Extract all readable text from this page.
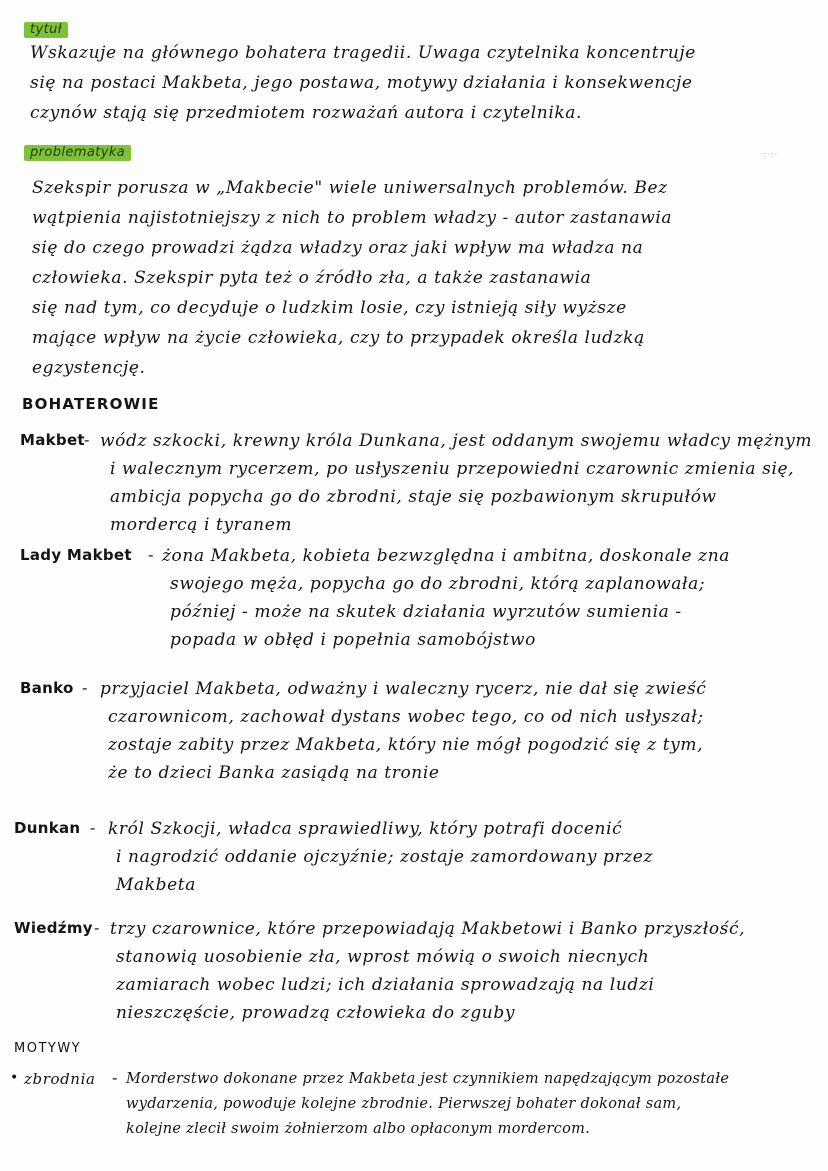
tytuł
Wskazuje na głównego bohatera tragedii. Uwaga czytelnika koncentruje
się na postaci Makbeta, jego postawa, motywy działania i konsekwencje
czynów stają się przedmiotem rozważań autora i czytelnika.
problematyka	·:·:·
Szekspir porusza w „Makbecie" wiele uniwersalnych problemów. Bez
wątpienia najistotniejszy z nich to problem władzy - autor zastanawia
się do czego prowadzi żądza władzy oraz jaki wpływ ma władza na
człowieka. Szekspir pyta też o źródło zła, a także zastanawia
się nad tym, co decyduje o ludzkim losie, czy istnieją siły wyższe
mające wpływ na życie człowieka, czy to przypadek określa ludzką
egzystencję.
BOHATEROWIE
Makbet - wódz szkocki, krewny króla Dunkana, jest oddanym swojemu władcy mężnym
i walecznym rycerzem, po usłyszeniu przepowiedni czarownic zmienia się,
ambicja popycha go do zbrodni, staje się pozbawionym skrupułów
mordercą i tyranem
Lady Makbet - żona Makbeta, kobieta bezwzględna i ambitna, doskonale zna
swojego męża, popycha go do zbrodni, którą zaplanowała;
później - może na skutek działania wyrzutów sumienia -
popada w obłęd i popełnia samobójstwo
Banko - przyjaciel Makbeta, odważny i waleczny rycerz, nie dał się zwieść
czarownicom, zachował dystans wobec tego, co od nich usłyszał;
zostaje zabity przez Makbeta, który nie mógł pogodzić się z tym,
że to dzieci Banka zasiądą na tronie
Dunkan - król Szkocji, władca sprawiedliwy, który potrafi docenić
i nagrodzić oddanie ojczyźnie; zostaje zamordowany przez
Makbeta
Wiedźmy - trzy czarownice, które przepowiadają Makbetowi i Banko przyszłość,
stanowią uosobienie zła, wprost mówią o swoich niecnych
zamiarach wobec ludzi; ich działania sprowadzają na ludzi
nieszczęście, prowadzą człowieka do zguby
MOTYWY
• zbrodnia - Morderstwo dokonane przez Makbeta jest czynnikiem napędzającym pozostałe
wydarzenia, powoduje kolejne zbrodnie. Pierwszej bohater dokonał sam,
kolejne zlecił swoim żołnierzom albo opłaconym mordercom.
